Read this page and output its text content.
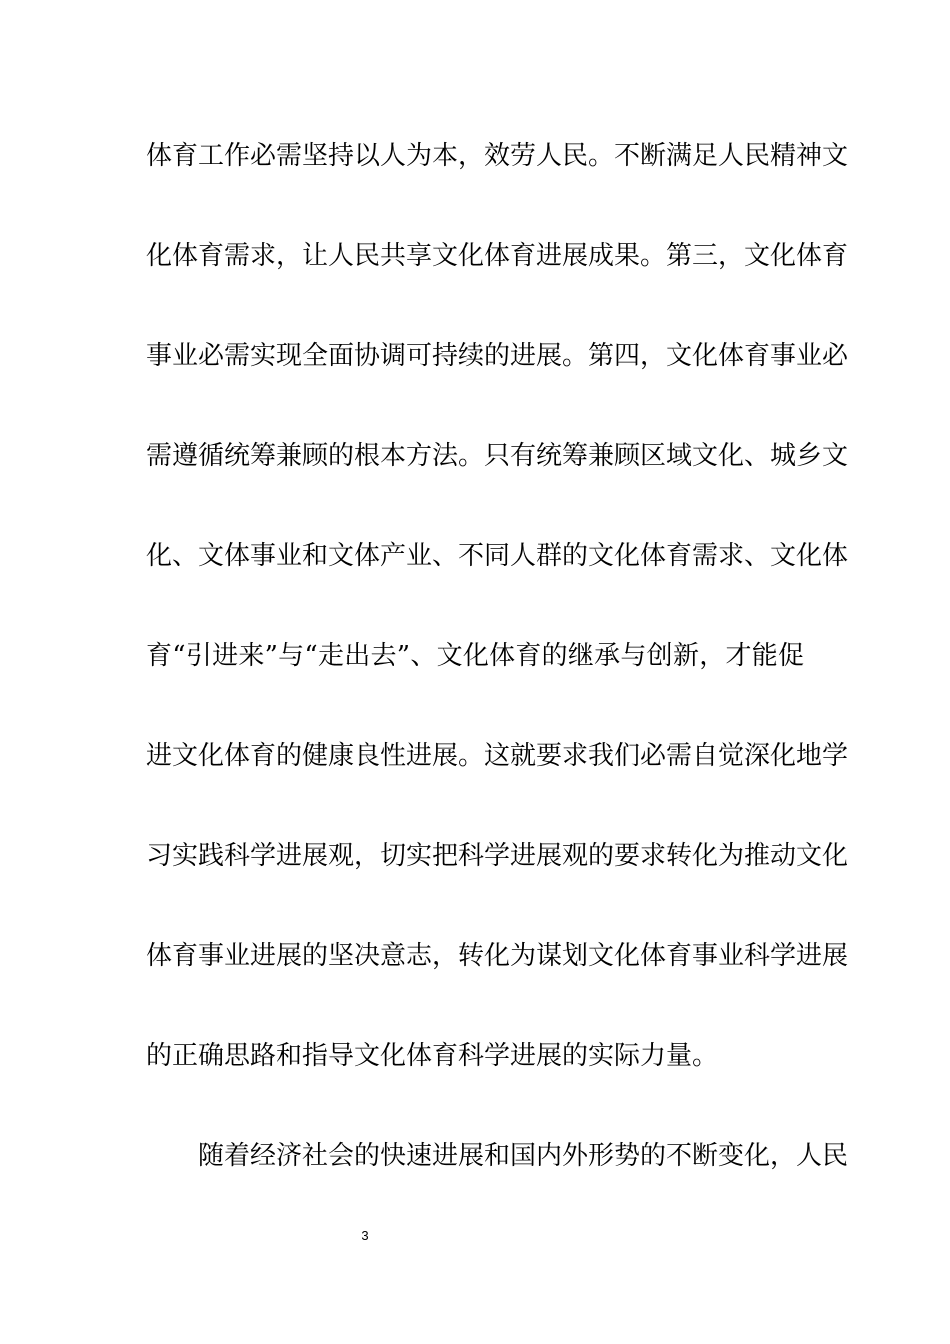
体育工作必需坚持以人为本，效劳人民。不断满足人民精神文
化体育需求，让人民共享文化体育进展成果。第三，文化体育
事业必需实现全面协调可持续的进展。第四，文化体育事业必
需遵循统筹兼顾的根本方法。只有统筹兼顾区域文化、城乡文
化、文体事业和文体产业、不同人群的文化体育需求、文化体
育“引进来”与“走出去”、文化体育的继承与创新，才能促
进文化体育的健康良性进展。这就要求我们必需自觉深化地学
习实践科学进展观，切实把科学进展观的要求转化为推动文化
体育事业进展的坚决意志，转化为谋划文化体育事业科学进展
的正确思路和指导文化体育科学进展的实际力量。
随着经济社会的快速进展和国内外形势的不断变化，人民
3
